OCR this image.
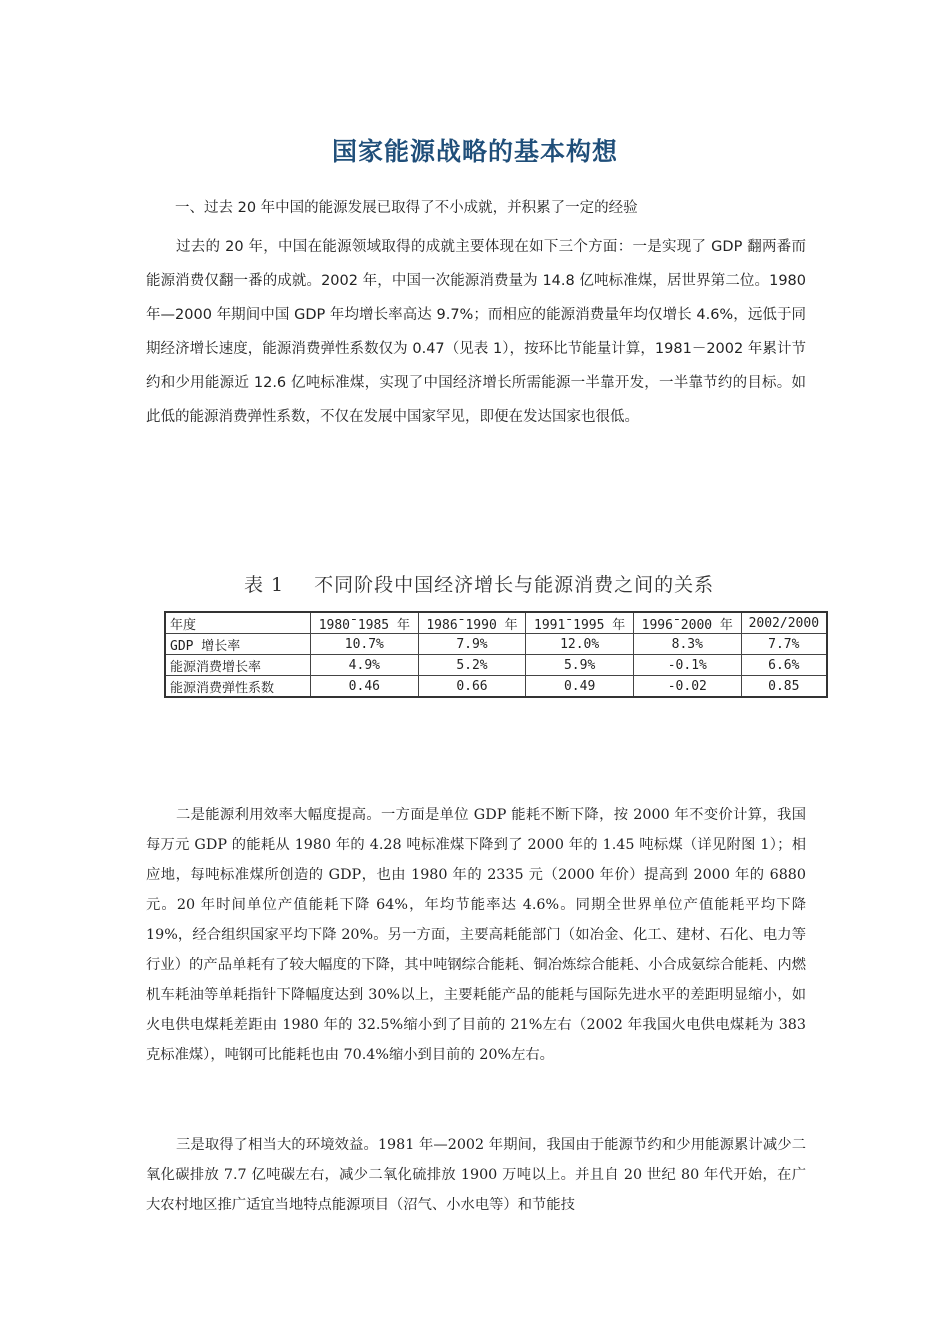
国家能源战略的基本构想
一、过去 20 年中国的能源发展已取得了不小成就，并积累了一定的经验

过去的 20 年，中国在能源领域取得的成就主要体现在如下三个方面：一是实现了 GDP 翻两番而能源消费仅翻一番的成就。2002 年，中国一次能源消费量为 14.8 亿吨标准煤，居世界第二位。1980 年—2000 年期间中国 GDP 年均增长率高达 9.7%；而相应的能源消费量年均仅增长 4.6%，远低于同期经济增长速度，能源消费弹性系数仅为 0.47（见表 1），按环比节能量计算，1981－2002 年累计节约和少用能源近 12.6 亿吨标准煤，实现了中国经济增长所需能源一半靠开发，一半靠节约的目标。如此低的能源消费弹性系数，不仅在发展中国家罕见，即便在发达国家也很低。

表 1 不同阶段中国经济增长与能源消费之间的关系
年度	1980¯1985 年	1986¯1990 年	1991¯1995 年	1996¯2000 年	2002/2000
GDP 增长率	10.7%	7.9%	12.0%	8.3%	7.7%
能源消费增长率	4.9%	5.2%	5.9%	-0.1%	6.6%
能源消费弹性系数	0.46	0.66	0.49	-0.02	0.85

二是能源利用效率大幅度提高。一方面是单位 GDP 能耗不断下降，按 2000 年不变价计算，我国每万元 GDP 的能耗从 1980 年的 4.28 吨标准煤下降到了 2000 年的 1.45 吨标煤（详见附图 1）；相应地，每吨标准煤所创造的 GDP，也由 1980 年的 2335 元（2000 年价）提高到 2000 年的 6880 元。20 年时间单位产值能耗下降 64%，年均节能率达 4.6%。同期全世界单位产值能耗平均下降 19%，经合组织国家平均下降 20%。另一方面，主要高耗能部门（如冶金、化工、建材、石化、电力等行业）的产品单耗有了较大幅度的下降，其中吨钢综合能耗、铜冶炼综合能耗、小合成氨综合能耗、内燃机车耗油等单耗指针下降幅度达到 30%以上，主要耗能产品的能耗与国际先进水平的差距明显缩小，如火电供电煤耗差距由 1980 年的 32.5%缩小到了目前的 21%左右（2002 年我国火电供电煤耗为 383 克标准煤），吨钢可比能耗也由 70.4%缩小到目前的 20%左右。

三是取得了相当大的环境效益。1981 年—2002 年期间，我国由于能源节约和少用能源累计减少二氧化碳排放 7.7 亿吨碳左右，减少二氧化硫排放 1900 万吨以上。并且自 20 世纪 80 年代开始，在广大农村地区推广适宜当地特点能源项目（沼气、小水电等）和节能技
